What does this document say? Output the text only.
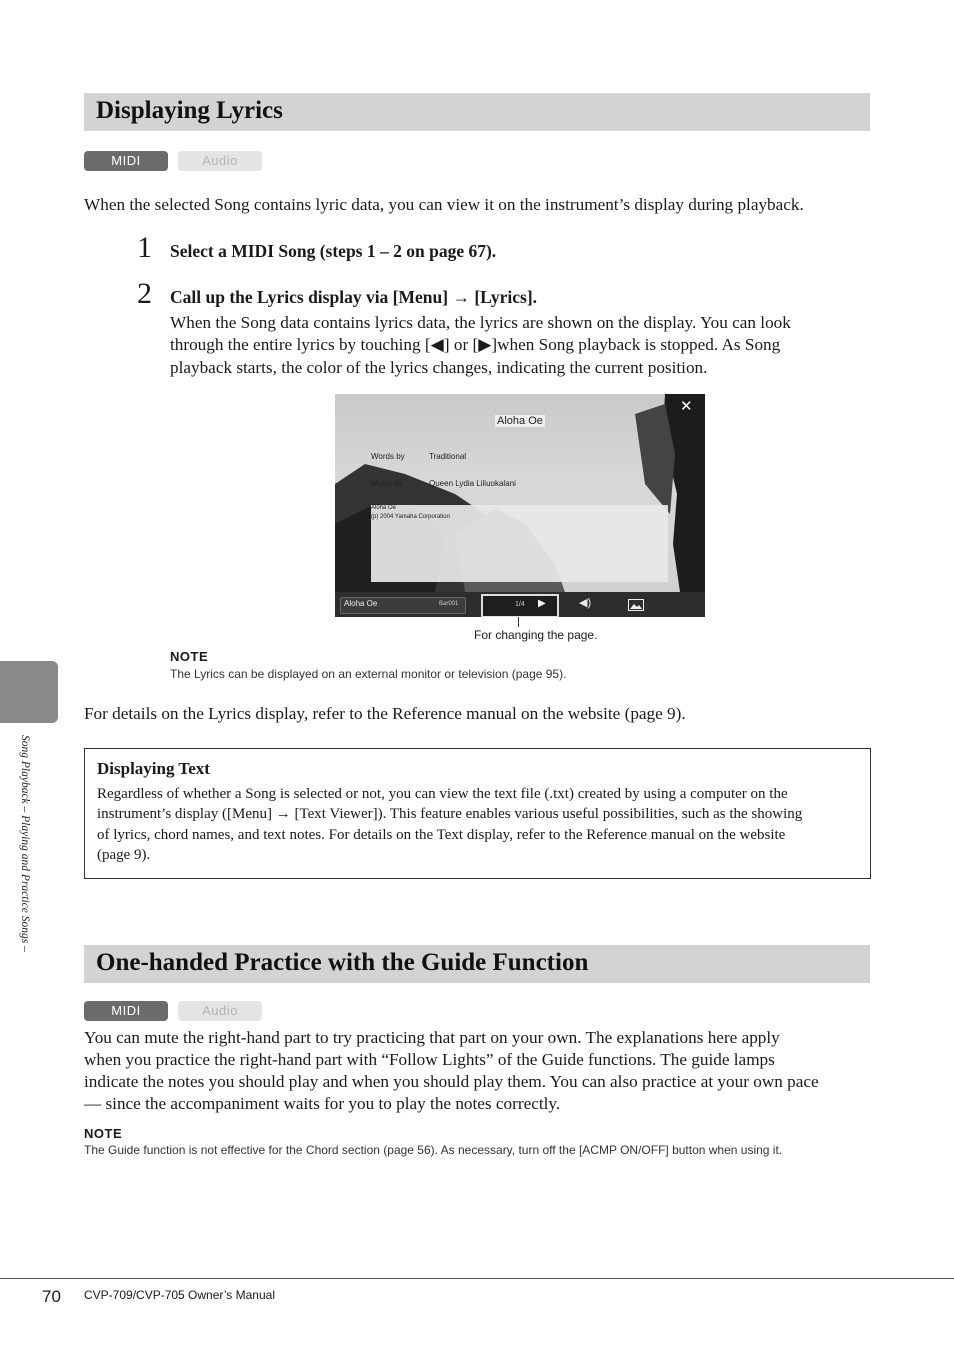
Displaying Lyrics
MIDI	Audio
When the selected Song contains lyric data, you can view it on the instrument’s display during playback.
1 Select a MIDI Song (steps 1 – 2 on page 67).
2 Call up the Lyrics display via [Menu] → [Lyrics].
When the Song data contains lyrics data, the lyrics are shown on the display. You can look
through the entire lyrics by touching [◀] or [▶]when Song playback is stopped. As Song
playback starts, the color of the lyrics changes, indicating the current position.
Aloha Oe
✕
Words by	Traditional
Music by	Queen Lydia Liliuokalani
Aloha Oe
(p) 2004 Yamaha Corporation
Aloha Oe	Bar001	1/4 ▶	◀)
For changing the page.
NOTE
The Lyrics can be displayed on an external monitor or television (page 95).
For details on the Lyrics display, refer to the Reference manual on the website (page 9).
Displaying Text
Regardless of whether a Song is selected or not, you can view the text file (.txt) created by using a computer on the
instrument’s display ([Menu] → [Text Viewer]). This feature enables various useful possibilities, such as the showing
of lyrics, chord names, and text notes. For details on the Text display, refer to the Reference manual on the website
(page 9).
One-handed Practice with the Guide Function
MIDI	Audio
You can mute the right-hand part to try practicing that part on your own. The explanations here apply
when you practice the right-hand part with “Follow Lights” of the Guide functions. The guide lamps
indicate the notes you should play and when you should play them. You can also practice at your own pace
— since the accompaniment waits for you to play the notes correctly.
NOTE
The Guide function is not effective for the Chord section (page 56). As necessary, turn off the [ACMP ON/OFF] button when using it.
Song Playback – Playing and Practice Songs –
70 CVP-709/CVP-705 Owner’s Manual
